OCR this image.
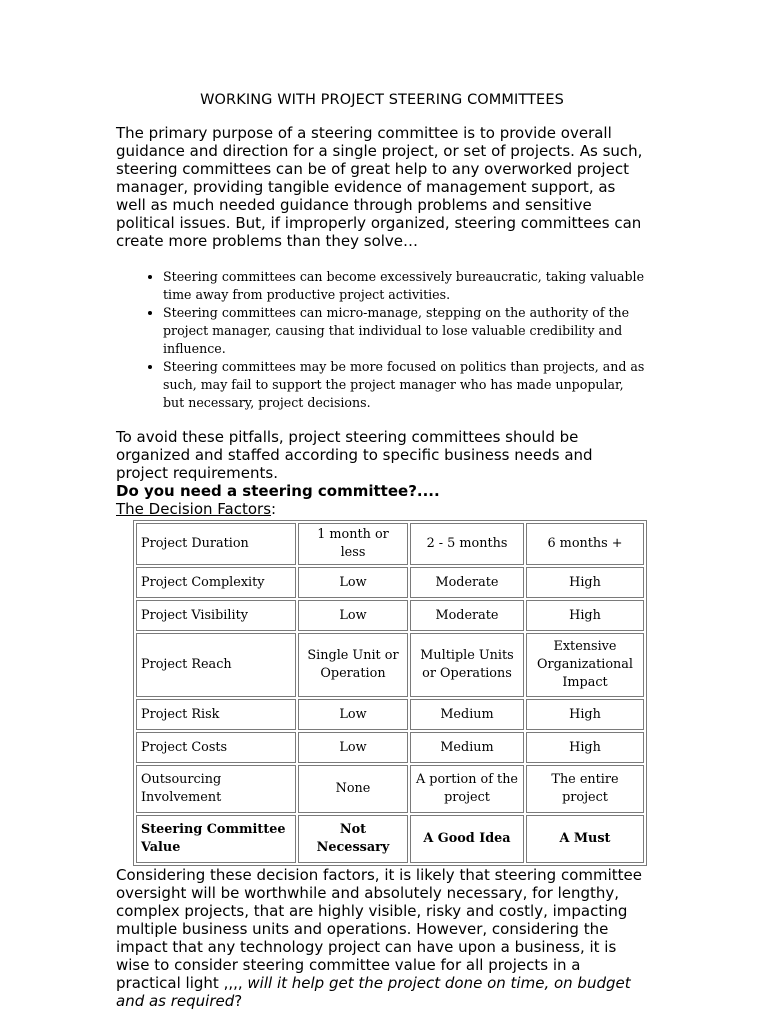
WORKING WITH PROJECT STEERING COMMITTEES

The primary purpose of a steering committee is to provide overall guidance and direction for a single project, or set of projects. As such, steering committees can be of great help to any overworked project manager, providing tangible evidence of management support, as well as much needed guidance through problems and sensitive political issues. But, if improperly organized, steering committees can create more problems than they solve…

• Steering committees can become excessively bureaucratic, taking valuable time away from productive project activities.
• Steering committees can micro-manage, stepping on the authority of the project manager, causing that individual to lose valuable credibility and influence.
• Steering committees may be more focused on politics than projects, and as such, may fail to support the project manager who has made unpopular, but necessary, project decisions.

To avoid these pitfalls, project steering committees should be organized and staffed according to specific business needs and project requirements.

Do you need a steering committee?....

The Decision Factors:

Project Duration	1 month or less	2 - 5 months	6 months +
Project Complexity	Low	Moderate	High
Project Visibility	Low	Moderate	High
Project Reach	Single Unit or Operation	Multiple Units or Operations	Extensive Organizational Impact
Project Risk	Low	Medium	High
Project Costs	Low	Medium	High
Outsourcing Involvement	None	A portion of the project	The entire project
Steering Committee Value	Not Necessary	A Good Idea	A Must

Considering these decision factors, it is likely that steering committee oversight will be worthwhile and absolutely necessary, for lengthy, complex projects, that are highly visible, risky and costly, impacting multiple business units and operations. However, considering the impact that any technology project can have upon a business, it is wise to consider steering committee value for all projects in a practical light ,,,, will it help get the project done on time, on budget and as required?
